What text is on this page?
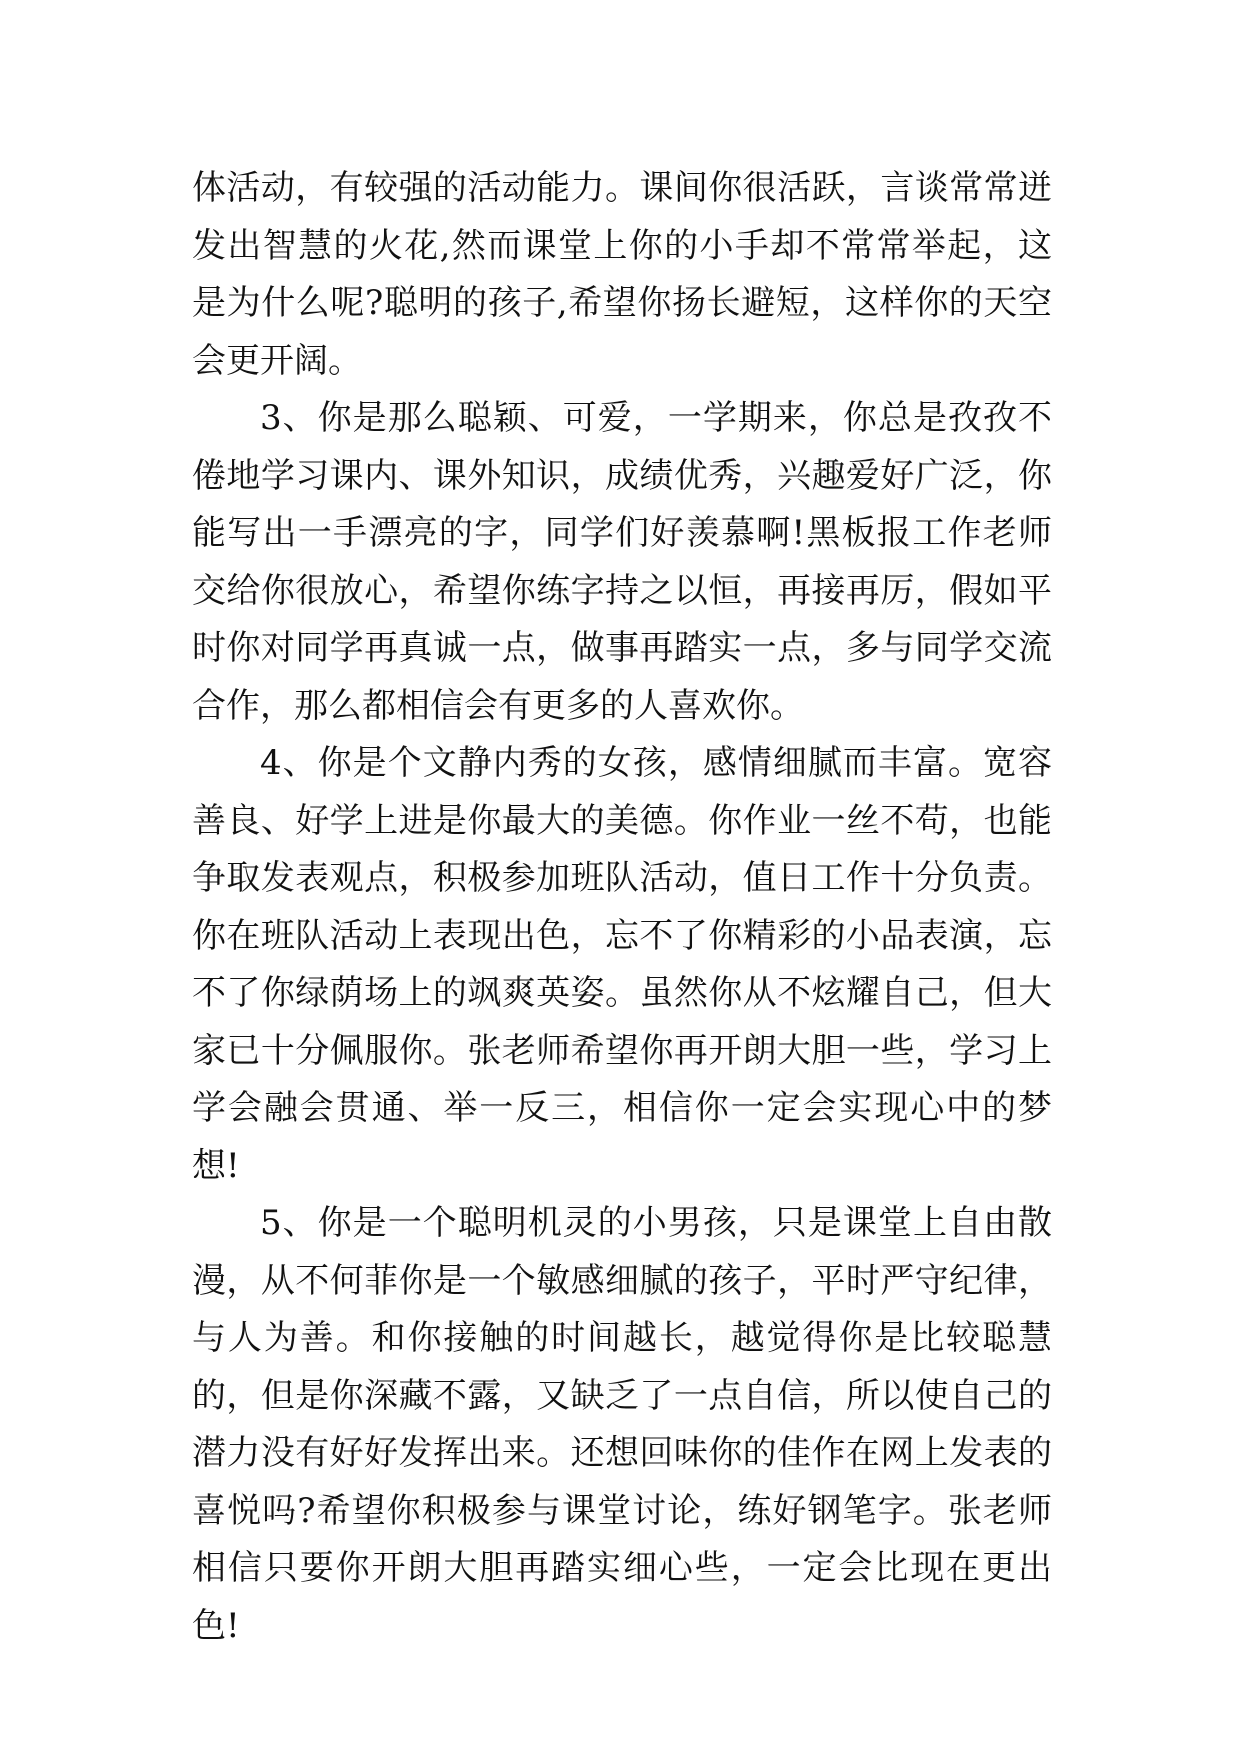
体活动，有较强的活动能力。课间你很活跃，言谈常常迸发出智慧的火花,然而课堂上你的小手却不常常举起，这是为什么呢?聪明的孩子,希望你扬长避短，这样你的天空会更开阔。

3、你是那么聪颖、可爱，一学期来，你总是孜孜不倦地学习课内、课外知识，成绩优秀，兴趣爱好广泛，你能写出一手漂亮的字，同学们好羡慕啊!黑板报工作老师交给你很放心，希望你练字持之以恒，再接再厉，假如平时你对同学再真诚一点，做事再踏实一点，多与同学交流合作，那么都相信会有更多的人喜欢你。

4、你是个文静内秀的女孩，感情细腻而丰富。宽容善良、好学上进是你最大的美德。你作业一丝不苟，也能争取发表观点，积极参加班队活动，值日工作十分负责。你在班队活动上表现出色，忘不了你精彩的小品表演，忘不了你绿荫场上的飒爽英姿。虽然你从不炫耀自己，但大家已十分佩服你。张老师希望你再开朗大胆一些，学习上学会融会贯通、举一反三，相信你一定会实现心中的梦想!

5、你是一个聪明机灵的小男孩，只是课堂上自由散漫，从不何菲你是一个敏感细腻的孩子，平时严守纪律，与人为善。和你接触的时间越长，越觉得你是比较聪慧的，但是你深藏不露，又缺乏了一点自信，所以使自己的潜力没有好好发挥出来。还想回味你的佳作在网上发表的喜悦吗?希望你积极参与课堂讨论，练好钢笔字。张老师相信只要你开朗大胆再踏实细心些，一定会比现在更出色!
